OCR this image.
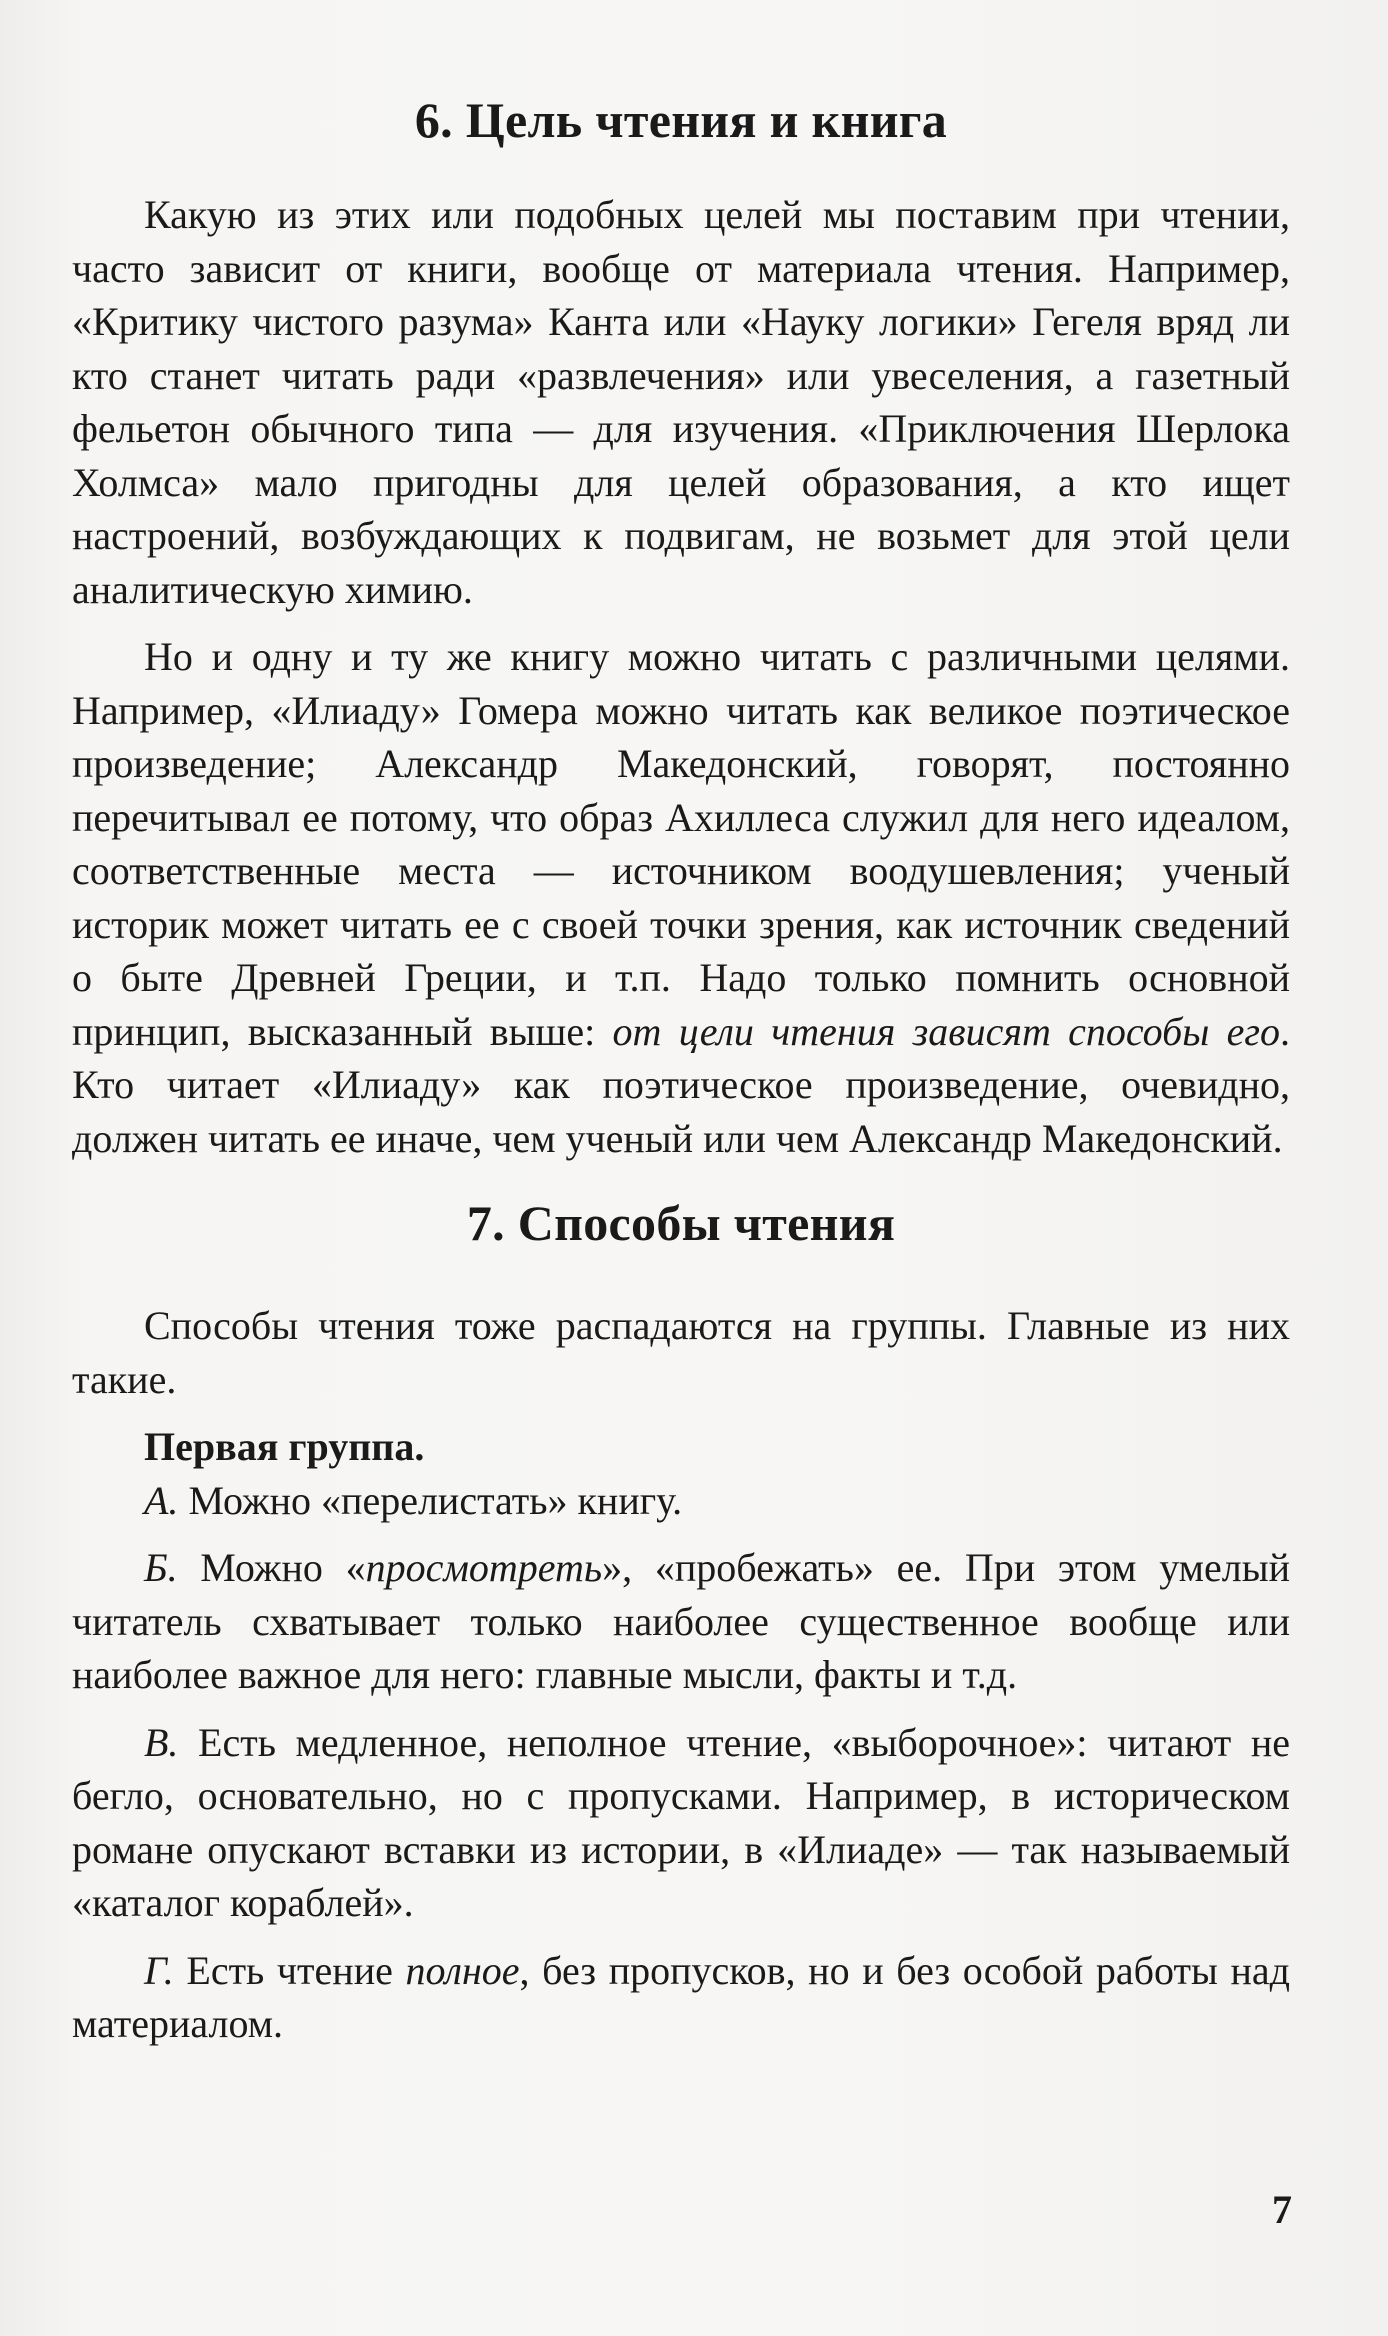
6. Цель чтения и книга

Какую из этих или подобных целей мы поставим при чтении, часто зависит от книги, вообще от материала чтения. Например, «Критику чистого разума» Канта или «Науку логики» Гегеля вряд ли кто станет читать ради «развлечения» или увеселения, а газетный фельетон обычного типа — для изучения. «Приключения Шерлока Холмса» мало пригодны для целей образования, а кто ищет настроений, возбуждающих к подвигам, не возьмет для этой цели аналитическую химию.

Но и одну и ту же книгу можно читать с различными целями. Например, «Илиаду» Гомера можно читать как великое поэтическое произведение; Александр Македонский, говорят, постоянно перечитывал ее потому, что образ Ахиллеса служил для него идеалом, соответственные места — источником воодушевления; ученый историк может читать ее с своей точки зрения, как источник сведений о быте Древней Греции, и т.п. Надо только помнить основной принцип, высказанный выше: от цели чтения зависят способы его. Кто читает «Илиаду» как поэтическое произведение, очевидно, должен читать ее иначе, чем ученый или чем Александр Македонский.

7. Способы чтения

Способы чтения тоже распадаются на группы. Главные из них такие.

Первая группа.

А. Можно «перелистать» книгу.

Б. Можно «просмотреть», «пробежать» ее. При этом умелый читатель схватывает только наиболее существенное вообще или наиболее важное для него: главные мысли, факты и т.д.

В. Есть медленное, неполное чтение, «выборочное»: читают не бегло, основательно, но с пропусками. Например, в историческом романе опускают вставки из истории, в «Илиаде» — так называемый «каталог кораблей».

Г. Есть чтение полное, без пропусков, но и без особой работы над материалом.

7
